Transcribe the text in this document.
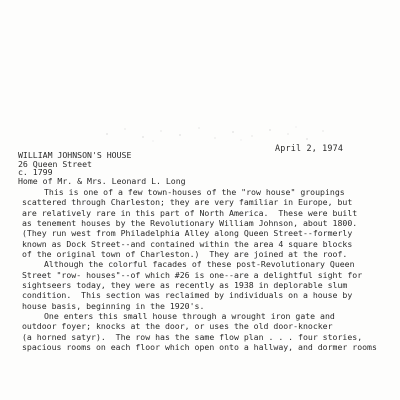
April 2, 1974
WILLIAM JOHNSON'S HOUSE
26 Queen Street
c. 1799
Home of Mr. & Mrs. Leonard L. Long
This is one of a few town-houses of the "row house" groupings
scattered through Charleston; they are very familiar in Europe, but
are relatively rare in this part of North America.  These were built
as tenement houses by the Revolutionary William Johnson, about 1800.
(They run west from Philadelphia Alley along Queen Street--formerly
known as Dock Street--and contained within the area 4 square blocks
of the original town of Charleston.)  They are joined at the roof.
Although the colorful facades of these post-Revolutionary Queen
Street "row- houses"--of which #26 is one--are a delightful sight for
sightseers today, they were as recently as 1938 in deplorable slum
condition.  This section was reclaimed by individuals on a house by
house basis, beginning in the 1920's.
One enters this small house through a wrought iron gate and
outdoor foyer; knocks at the door, or uses the old door-knocker
(a horned satyr).  The row has the same flow plan . . . four stories,
spacious rooms on each floor which open onto a hallway, and dormer rooms
